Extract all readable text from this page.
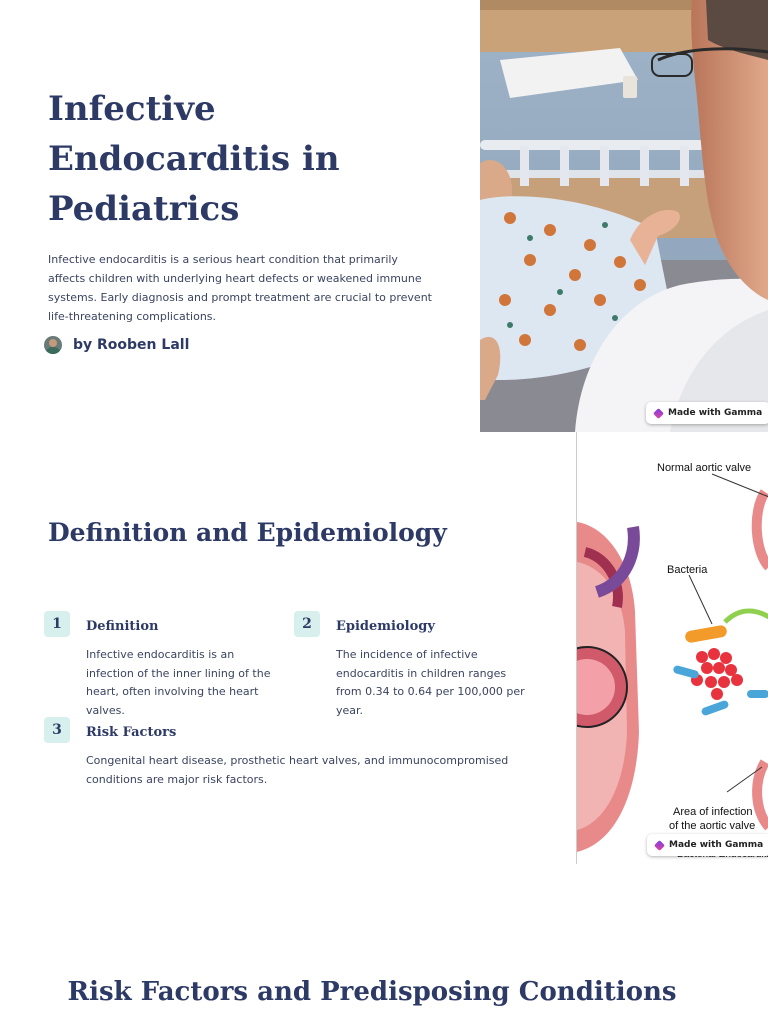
Infective Endocarditis in Pediatrics

Infective endocarditis is a serious heart condition that primarily affects children with underlying heart defects or weakened immune systems. Early diagnosis and prompt treatment are crucial to prevent life-threatening complications.

by Rooben Lall
Made with Gamma
Definition and Epidemiology
1	Definition

Infective endocarditis is an infection of the inner lining of the heart, often involving the heart valves.

2	Epidemiology

The incidence of infective endocarditis in children ranges from 0.34 to 0.64 per 100,000 per year.

3	Risk Factors

Congenital heart disease, prosthetic heart valves, and immunocompromised conditions are major risk factors.

Normal aortic valve
Bacteria
Area of infection
of the aortic valve
Made with Gamma
Risk Factors and Predisposing Conditions
